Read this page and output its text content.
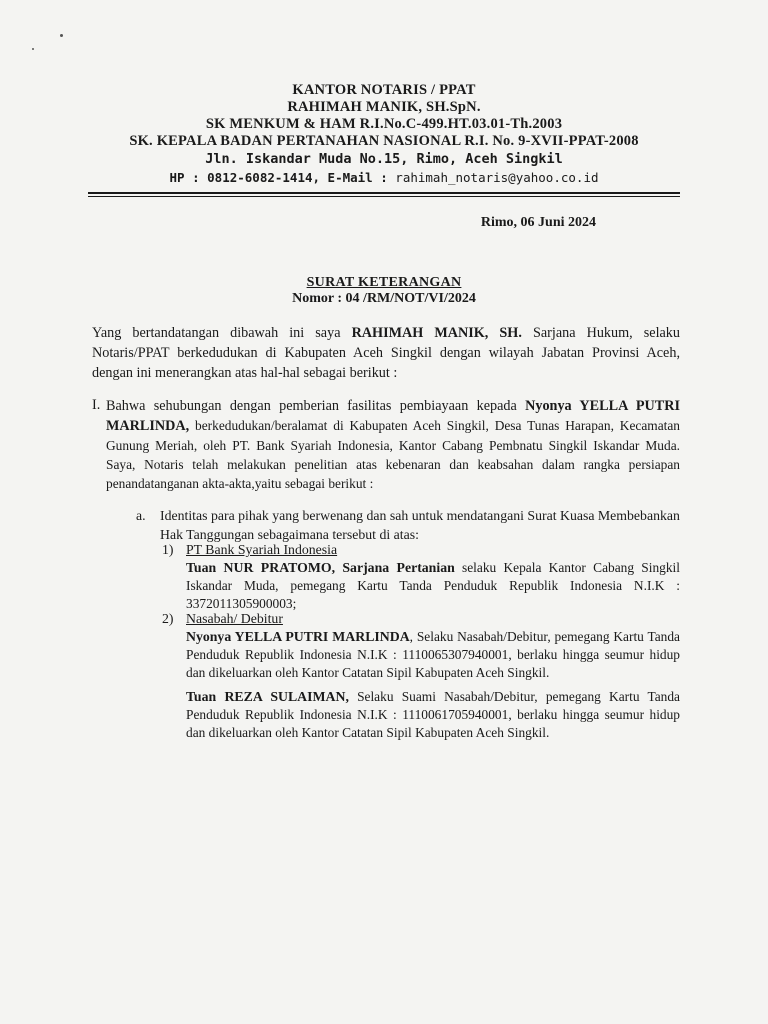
KANTOR NOTARIS / PPAT
RAHIMAH MANIK, SH.SpN.
SK MENKUM & HAM R.I.No.C-499.HT.03.01-Th.2003
SK. KEPALA BADAN PERTANAHAN NASIONAL R.I. No. 9-XVII-PPAT-2008
Jln. Iskandar Muda No.15, Rimo, Aceh Singkil
HP : 0812-6082-1414, E-Mail : rahimah_notaris@yahoo.co.id
Rimo, 06 Juni 2024
SURAT KETERANGAN
Nomor : 04 /RM/NOT/VI/2024
Yang bertandatangan dibawah ini saya RAHIMAH MANIK, SH. Sarjana Hukum, selaku Notaris/PPAT berkedudukan di Kabupaten Aceh Singkil dengan wilayah Jabatan Provinsi Aceh, dengan ini menerangkan atas hal-hal sebagai berikut :
I. Bahwa sehubungan dengan pemberian fasilitas pembiayaan kepada Nyonya YELLA PUTRI MARLINDA, berkedudukan/beralamat di Kabupaten Aceh Singkil, Desa Tunas Harapan, Kecamatan Gunung Meriah, oleh PT. Bank Syariah Indonesia, Kantor Cabang Pembnatu Singkil Iskandar Muda. Saya, Notaris telah melakukan penelitian atas kebenaran dan keabsahan dalam rangka persiapan penandatanganan akta-akta,yaitu sebagai berikut :
a. Identitas para pihak yang berwenang dan sah untuk mendatangani Surat Kuasa Membebankan Hak Tanggungan sebagaimana tersebut di atas:
1) PT Bank Syariah Indonesia
Tuan NUR PRATOMO, Sarjana Pertanian selaku Kepala Kantor Cabang Singkil Iskandar Muda, pemegang Kartu Tanda Penduduk Republik Indonesia N.I.K : 3372011305900003;
2) Nasabah/ Debitur
Nyonya YELLA PUTRI MARLINDA, Selaku Nasabah/Debitur, pemegang Kartu Tanda Penduduk Republik Indonesia N.I.K : 1110065307940001, berlaku hingga seumur hidup dan dikeluarkan oleh Kantor Catatan Sipil Kabupaten Aceh Singkil.
Tuan REZA SULAIMAN, Selaku Suami Nasabah/Debitur, pemegang Kartu Tanda Penduduk Republik Indonesia N.I.K : 1110061705940001, berlaku hingga seumur hidup dan dikeluarkan oleh Kantor Catatan Sipil Kabupaten Aceh Singkil.
